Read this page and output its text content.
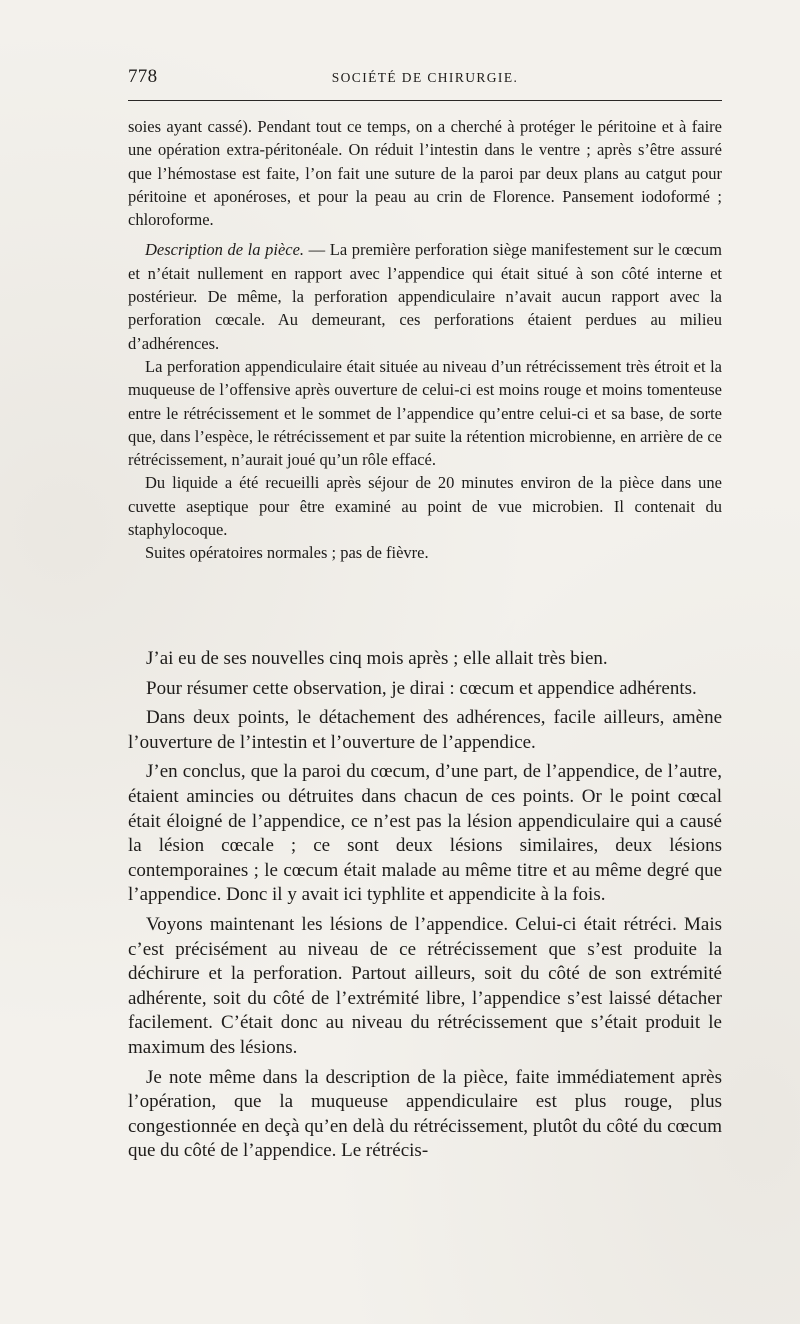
778	SOCIÉTÉ DE CHIRURGIE.

soies ayant cassé). Pendant tout ce temps, on a cherché à protéger le péritoine et à faire une opération extra-péritonéale. On réduit l’intestin dans le ventre ; après s’être assuré que l’hémostase est faite, l’on fait une suture de la paroi par deux plans au catgut pour péritoine et aponéroses, et pour la peau au crin de Florence. Pansement iodoformé ; chloroforme.

Description de la pièce. — La première perforation siège manifestement sur le cœcum et n’était nullement en rapport avec l’appendice qui était situé à son côté interne et postérieur. De même, la perforation appendiculaire n’avait aucun rapport avec la perforation cœcale. Au demeurant, ces perforations étaient perdues au milieu d’adhérences.

La perforation appendiculaire était située au niveau d’un rétrécissement très étroit et la muqueuse de l’offensive après ouverture de celui-ci est moins rouge et moins tomenteuse entre le rétrécissement et le sommet de l’appendice qu’entre celui-ci et sa base, de sorte que, dans l’espèce, le rétrécissement et par suite la rétention microbienne, en arrière de ce rétrécissement, n’aurait joué qu’un rôle effacé.

Du liquide a été recueilli après séjour de 20 minutes environ de la pièce dans une cuvette aseptique pour être examiné au point de vue microbien. Il contenait du staphylocoque.

Suites opératoires normales ; pas de fièvre.

J’ai eu de ses nouvelles cinq mois après ; elle allait très bien.

Pour résumer cette observation, je dirai : cœcum et appendice adhérents.

Dans deux points, le détachement des adhérences, facile ailleurs, amène l’ouverture de l’intestin et l’ouverture de l’appendice.

J’en conclus, que la paroi du cœcum, d’une part, de l’appendice, de l’autre, étaient amincies ou détruites dans chacun de ces points. Or le point cœcal était éloigné de l’appendice, ce n’est pas la lésion appendiculaire qui a causé la lésion cœcale ; ce sont deux lésions similaires, deux lésions contemporaines ; le cœcum était malade au même titre et au même degré que l’appendice. Donc il y avait ici typhlite et appendicite à la fois.

Voyons maintenant les lésions de l’appendice. Celui-ci était rétréci. Mais c’est précisément au niveau de ce rétrécissement que s’est produite la déchirure et la perforation. Partout ailleurs, soit du côté de son extrémité adhérente, soit du côté de l’extrémité libre, l’appendice s’est laissé détacher facilement. C’était donc au niveau du rétrécissement que s’était produit le maximum des lésions.

Je note même dans la description de la pièce, faite immédiatement après l’opération, que la muqueuse appendiculaire est plus rouge, plus congestionnée en deçà qu’en delà du rétrécissement, plutôt du côté du cœcum que du côté de l’appendice. Le rétrécis-
